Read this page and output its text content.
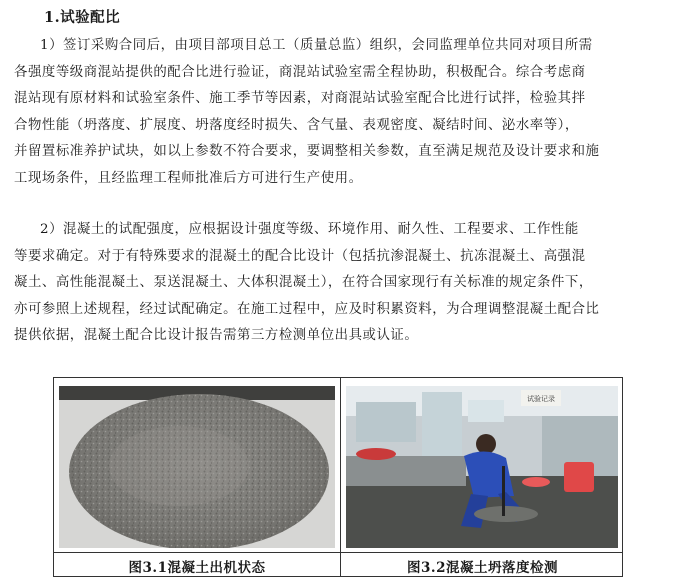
1.试验配比
1）签订采购合同后，由项目部项目总工（质量总监）组织，会同监理单位共同对项目所需
各强度等级商混站提供的配合比进行验证，商混站试验室需全程协助，积极配合。综合考虑商
混站现有原材料和试验室条件、施工季节等因素，对商混站试验室配合比进行试拌，检验其拌
合物性能（坍落度、扩展度、坍落度经时损失、含气量、表观密度、凝结时间、泌水率等），
并留置标准养护试块，如以上参数不符合要求，要调整相关参数，直至满足规范及设计要求和施
工现场条件，且经监理工程师批准后方可进行生产使用。
2）混凝土的试配强度，应根据设计强度等级、环境作用、耐久性、工程要求、工作性能
等要求确定。对于有特殊要求的混凝土的配合比设计（包括抗渗混凝土、抗冻混凝土、高强混
凝土、高性能混凝土、泵送混凝土、大体积混凝土），在符合国家现行有关标准的规定条件下，
亦可参照上述规程，经过试配确定。在施工过程中，应及时积累资料，为合理调整混凝土配合比
提供依据，混凝土配合比设计报告需第三方检测单位出具或认证。
试验记录
图3.1混凝土出机状态	图3.2混凝土坍落度检测
